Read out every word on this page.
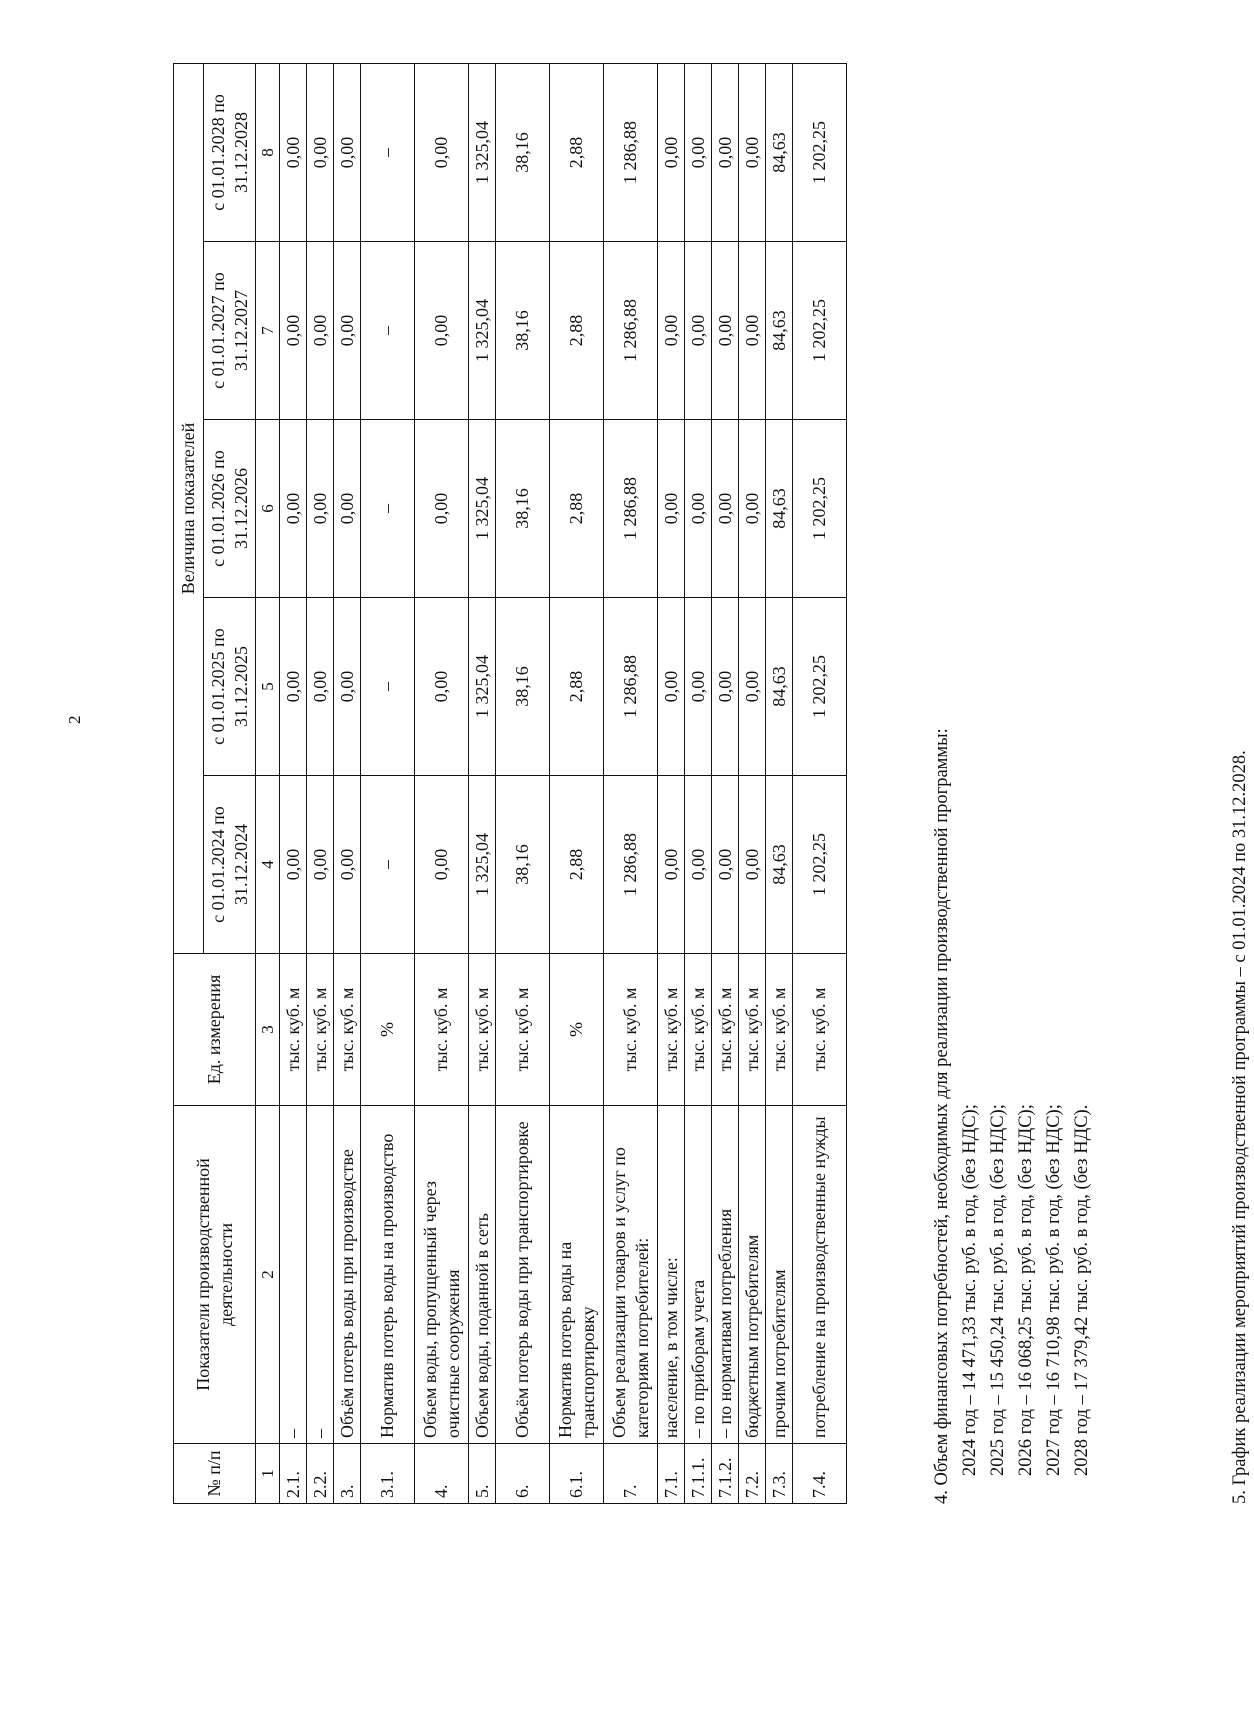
2
№ п/п	Показатели производственной деятельности	Ед. измерения	Величина показателей				
			с 01.01.2024 по 31.12.2024	с 01.01.2025 по 31.12.2025	с 01.01.2026 по 31.12.2026	с 01.01.2027 по 31.12.2027	с 01.01.2028 по 31.12.2028
1	2	3	4	5	6	7	8
2.1.	–	тыс. куб. м	0,00	0,00	0,00	0,00	0,00
2.2.	–	тыс. куб. м	0,00	0,00	0,00	0,00	0,00
3.	Объём потерь воды при производстве	тыс. куб. м	0,00	0,00	0,00	0,00	0,00
3.1.	Норматив потерь воды на производство	%	–	–	–	–	–
4.	Объем воды, пропущенный через очистные сооружения	тыс. куб. м	0,00	0,00	0,00	0,00	0,00
5.	Объем воды, поданной в сеть	тыс. куб. м	1 325,04	1 325,04	1 325,04	1 325,04	1 325,04
6.	Объём потерь воды при транспортировке	тыс. куб. м	38,16	38,16	38,16	38,16	38,16
6.1.	Норматив потерь воды на транспортировку	%	2,88	2,88	2,88	2,88	2,88
7.	Объем реализации товаров и услуг по категориям потребителей:	тыс. куб. м	1 286,88	1 286,88	1 286,88	1 286,88	1 286,88
7.1.	население, в том числе:	тыс. куб. м	0,00	0,00	0,00	0,00	0,00
7.1.1.	– по приборам учета	тыс. куб. м	0,00	0,00	0,00	0,00	0,00
7.1.2.	– по нормативам потребления	тыс. куб. м	0,00	0,00	0,00	0,00	0,00
7.2.	бюджетным потребителям	тыс. куб. м	0,00	0,00	0,00	0,00	0,00
7.3.	прочим потребителям	тыс. куб. м	84,63	84,63	84,63	84,63	84,63
7.4.	потребление на производственные нужды	тыс. куб. м	1 202,25	1 202,25	1 202,25	1 202,25	1 202,25

4. Объем финансовых потребностей, необходимых для реализации производственной программы: 2024 год – 14 471,33 тыс. руб. в год, (без НДС); 2025 год – 15 450,24 тыс. руб. в год, (без НДС); 2026 год – 16 068,25 тыс. руб. в год, (без НДС); 2027 год – 16 710,98 тыс. руб. в год, (без НДС); 2028 год – 17 379,42 тыс. руб. в год, (без НДС).	5. График реализации мероприятий производственной программы – с 01.01.2024 по 31.12.2028.
